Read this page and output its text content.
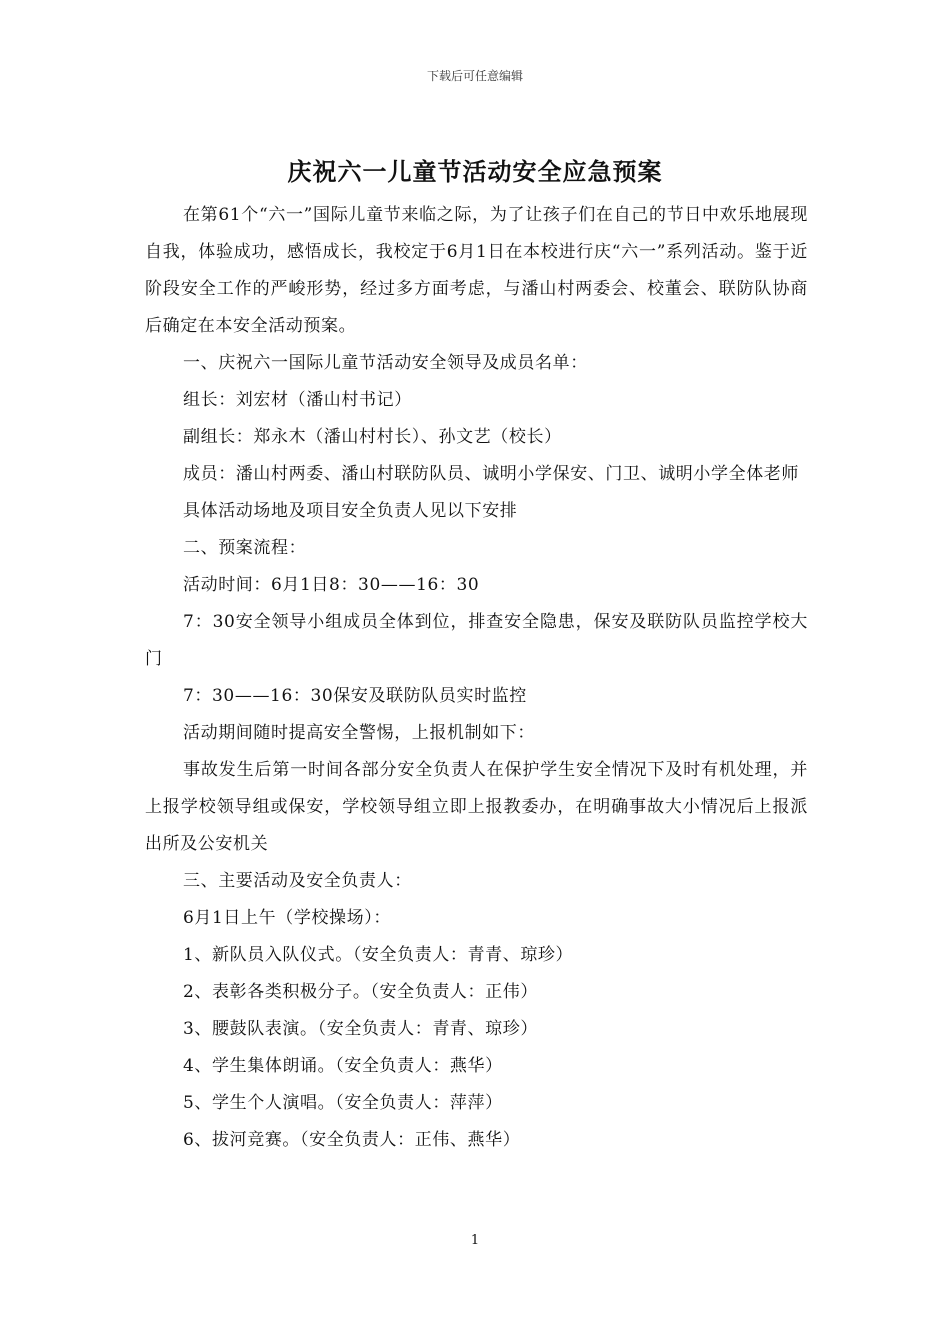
下载后可任意编辑
庆祝六一儿童节活动安全应急预案

在第61个“六一”国际儿童节来临之际，为了让孩子们在自己的节日中欢乐地展现自我，体验成功，感悟成长，我校定于6月1日在本校进行庆“六一”系列活动。鉴于近阶段安全工作的严峻形势，经过多方面考虑，与潘山村两委会、校董会、联防队协商后确定在本安全活动预案。

一、庆祝六一国际儿童节活动安全领导及成员名单：

组长：刘宏材（潘山村书记）

副组长：郑永木（潘山村村长）、孙文艺（校长）

成员：潘山村两委、潘山村联防队员、诚明小学保安、门卫、诚明小学全体老师

具体活动场地及项目安全负责人见以下安排

二、预案流程：

活动时间：6月1日8：30——16：30

7：30安全领导小组成员全体到位，排查安全隐患，保安及联防队员监控学校大门

7：30——16：30保安及联防队员实时监控

活动期间随时提高安全警惕，上报机制如下：

事故发生后第一时间各部分安全负责人在保护学生安全情况下及时有机处理，并上报学校领导组或保安，学校领导组立即上报教委办，在明确事故大小情况后上报派出所及公安机关

三、主要活动及安全负责人：

6月1日上午（学校操场）：

1、新队员入队仪式。（安全负责人：青青、琼珍）

2、表彰各类积极分子。（安全负责人：正伟）

3、腰鼓队表演。（安全负责人：青青、琼珍）

4、学生集体朗诵。（安全负责人：燕华）

5、学生个人演唱。（安全负责人：萍萍）

6、拔河竞赛。（安全负责人：正伟、燕华）

1
